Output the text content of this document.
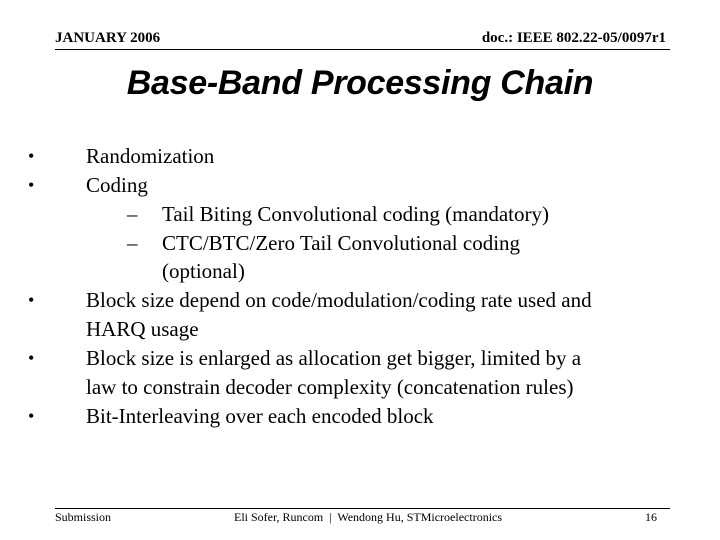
JANUARY 2006	doc.: IEEE 802.22-05/0097r1
Base-Band Processing Chain
• Randomization
• Coding
– Tail Biting Convolutional coding (mandatory)
– CTC/BTC/Zero Tail Convolutional coding
(optional)
• Block size depend on code/modulation/coding rate used and
HARQ usage
• Block size is enlarged as allocation get bigger, limited by a
law to constrain decoder complexity (concatenation rules)
• Bit-Interleaving over each encoded block
Submission	Eli Sofer, Runcom  |  Wendong Hu, STMicroelectronics	16
